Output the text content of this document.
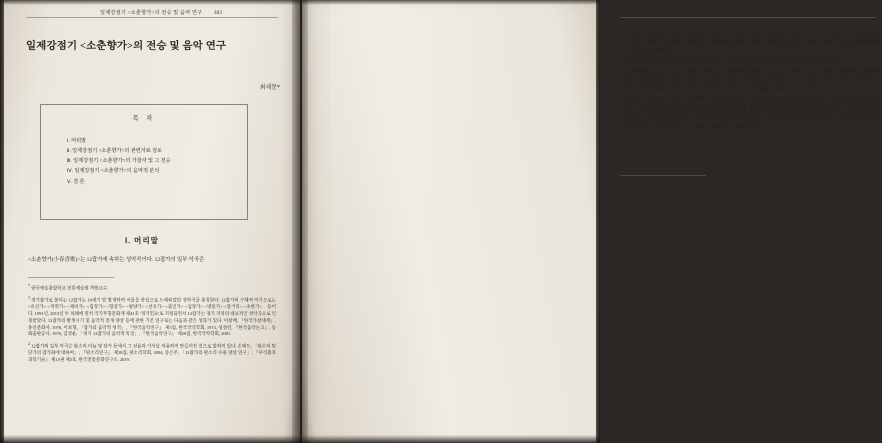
일제강점기 <소춘향가>의 전승 및 음악 연구 303
일제강점기 <소춘향가>의 전승 및 음악 연구
최세문*
목 차
Ⅰ. 머리말
Ⅱ. 일제강점기 <소춘향가>의 관련자료 검토
Ⅲ. 일제강점기 <소춘향가>의 가창자 및 그 전승
Ⅳ. 일제강점기 <소춘향가>의 음악적 분석
Ⅴ. 결 론
Ⅰ. 머리말
<소춘향가(小春香歌)>는 12잡가에 속하는 성악곡이다. 12잡가의 일부 악곡은
*한국예술종합학교 전통예술원 객원교수.
1경기잡가로 불리는 12잡가는 19세기 말 발생하여 서울을 중심으로 노래되었던 성악곡을 총칭한다. 12잡가의 구체적 악곡으로는 <유산가>·<적벽가>·<제비가>·<집장가>·<형장가>·<평양가>·<선유가>·<출인가>·<십장가>·<방물가>·<달거리>·<초한가> 등이다. 1991년, 2013년 두 차례에 걸쳐 국가무형문화재 제41호 '경기민요'로 지정되면서 12잡가는 경기 지역의 대표적인 성악곡으로 인정받았다. 12잡가의 발생시기 및 음악적 전개 양상 등에 관한 기존 연구로는 다음과 같은 성과가 있다. 이창배, 『한국가창대계』, 홍인문화사, 1976, 이보형, 「잡가의 음악적 성격」, 『한국음악연구』 제3집, 한국국악학회, 1973, 성경린, 『한국음악논고』, 동화출판공사, 1976, 김영운, 「경기 12잡가의 음악적 특징」, 『한국음악연구』 제29집, 한국국악학회, 2001.
212잡가의 일부 악곡은 판소리 더늠 및 단가 등에서 그 선율과 가사를 차용하여 만들어진 것으로 알려져 있다. 손태도, 「판소리 및 단가의 잡가화에 대하여」, 『판소리연구』 제18집, 판소리학회, 2004, 송은주, 「12잡가의 판소리 수용 양상 연구」, 『우리춤과 과학기술』 제15권 제3호, 한국전통문화연구소, 2019.
309 일제강점기 <소춘향가>의 전승 및 음악 연구

그러나 현재 일제강점기의 음반 및 방송자료 등에서 발견된 음반은 남아있지 않으므로 구체적으로 음원을 확인할 수 없다. 다만 음반 음반 목록에 정가 박춘재의 창자 이름이 기록되어 있을 뿐이어서 음원으로 옮겨 실체를 확인하기 어려운 한계가 있다.

이러한 음반의 실물이 남아있지 않으므로 소리의 실체를 확인할 수 있는 것은 음반 설명서이다.

<소춘향가>의 음성기록은 현재 공식적으로 복각되어 발매된 바가 없다. 하지만 <표 1>에서 열거한 몇 번호에 해당하는 원반번호와 곡명들은 음반 소장자와 복각본이 공개된 상태이므로 그 소리를 확인할 수 있다. 따라서 본 고에서는 이러한 자료들을 토대로 일제강점기 <소춘향가>의 음원을 살펴볼 수 있을 것이다.

본고에서 검토할 시기의 음가 음반은 연구 자료로서 적극적으로 활용되지 못한 실정이다. 음성기록에서 파손되기 쉬운 결함을 지니고 있어 남아있는 자료가 많지 않을 뿐더러 복각되지 않은 음반이 많다는 점은 접근성이 낮기 때문이다. 그러나 남태욱씨는 본 연구자의 논문에서는 이전의 소장한 음반(KAL0017)과 더불어 음원을 '민요'의 소장한 음반들을 제공받아 본 연구 자료로 제보할 수 있게 되었다.

역시 부학문화제 제21호 경기12잡가, 서울: 민속원, 2012), 37쪽.
12박동실에 대한 연구로 연구로 그의 특성에 따른 음악적 여정에 관한 연구는 이어졌으나 일제강점기에 관한 논의에서 잡가 및 판소리 더늠에 관한 언급은 있었다. 이보형, 「박동실에 관한 연구」, 『판소리연구』 제6집, 판소리학회, 1995.
13김영운, 「한국음반학』, 한국고음반연구회, 1997), 제7권, 131-34쪽; 박춘재, 「박춘재 음반 목록」, 『한국음반학』 제9호, 한국고음반연구회, 1999.
14한국음반자료관 누리집 https://www.sparchive.co.kr 및 국악음반박물관(http://www.hearkorea.com) 및 한국고음반연구회 누리집 등을 통해 음반 소장을 출판한 내용을 참고할 수 있다. 다만 음반의 세부적인 사항은 개별 소장자와 복각본의 상태에 따라 일부 차이가 있다.
15음반 목록에서 확인되는 경기잡가 창자로는 박춘재·김홍도·문영수·이영산홍·최정식·장계춘 등이 있다. 이 가운데 KAA는 이보형, KAB는 배연형, NG는 노재명, KALE는 이진원 등이 소장한 음반이다.
16해당 음반에 관한 사항은 한국음반자료관 누리집 및 국악음반박물관 누리집 자료를 참고할 수 있다. 다만 음반의 세부 정보는 소장처별로 상이한 경우가 있으므로 본 연구에서는 복각본을 기준으로 한다.
17한국고음반연구회에서 간행한 『음성기록문 가사집』(전통음악 연구회 음향기기) 자료 모두, 1993, 6쪽 참조.
18이 음반 제공받은 참고그는 다음과 같으며, 소장자 음원의 복각 자료에 대해 개인적으로 제공받았다. 기요활재 남인도 노래 '및 '소춘향가'(http://blog.daum.net/hanyong0729).
